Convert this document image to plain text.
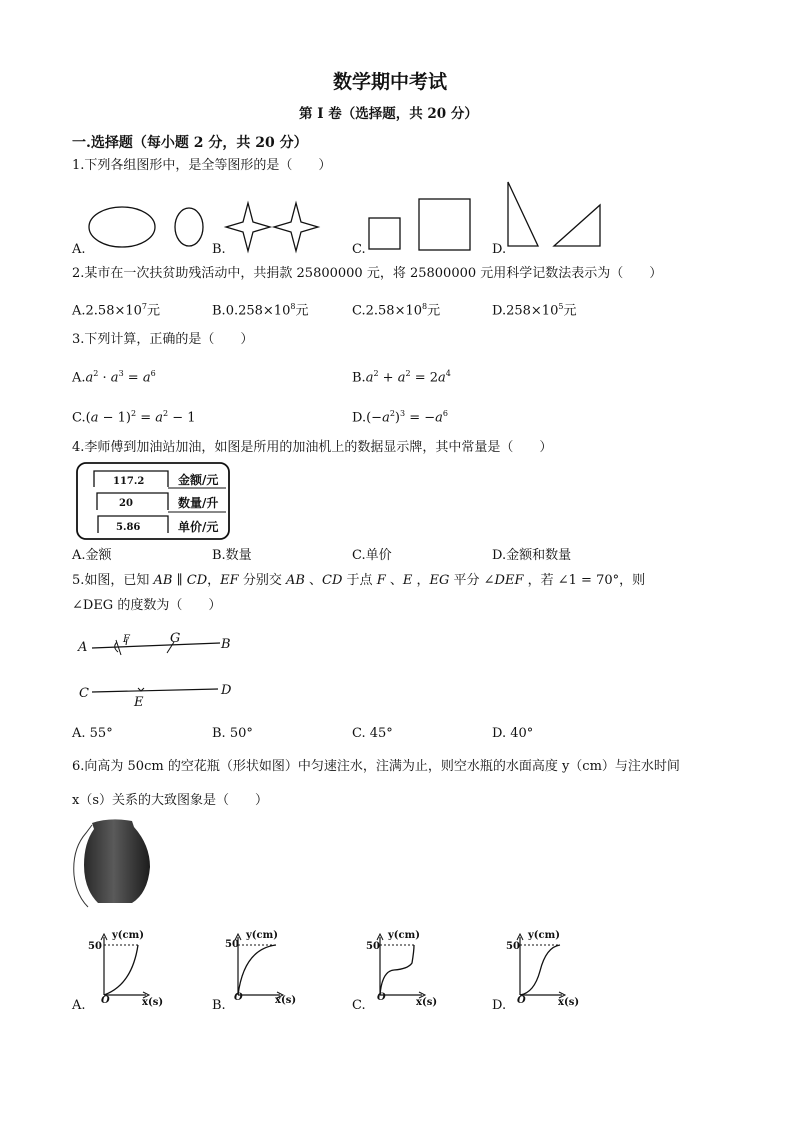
数学期中考试
第 I 卷（选择题，共 20 分）
一.选择题（每小题 2 分，共 20 分）
1.下列各组图形中，是全等图形的是（　　）
A.	B.	C.	D.
2.某市在一次扶贫助残活动中，共捐款 25800000 元，将 25800000 元用科学记数法表示为（　　）
$A.2.58\times 10^7$元	$B.0.258\times 10^8$元	$C.2.58\times 10^8$元	$D.258\times 10^5$元
3.下列计算，正确的是（　　）
$A.a^2 \cdot a^3 = a^6$	$B.a^2 + a^2 = 2a^4$
$C.(a - 1)^2 = a^2 - 1$	$D.(-a^2)^3 = -a^6$
4.李师傅到加油站加油，如图是所用的加油机上的数据显示牌，其中常量是（　　）
117.2	金额/元
20	数量/升
5.86	单价/元
A.金额	B.数量	C.单价	D.金额和数量
5.如图，已知 AB ∥ CD，EF 分别交 AB 、CD 于点 F 、E ，EG 平分 ∠DEF ，若 ∠1 = 70°，则
∠DEG 的度数为（　　）
A
F	G	B
C
E
D
A. 55°	B. 50°	C. 45°	D. 40°
6.向高为 50cm 的空花瓶（形状如图）中匀速注水，注满为止，则空水瓶的水面高度 y（cm）与注水时间
x（s）关系的大致图象是（　　）
y(cm)
50
O	x(s)
y(cm)
50
O	x(s)
y(cm)
50
O	x(s)
y(cm)
50
O	x(s)
A.	B.	C.	D.
